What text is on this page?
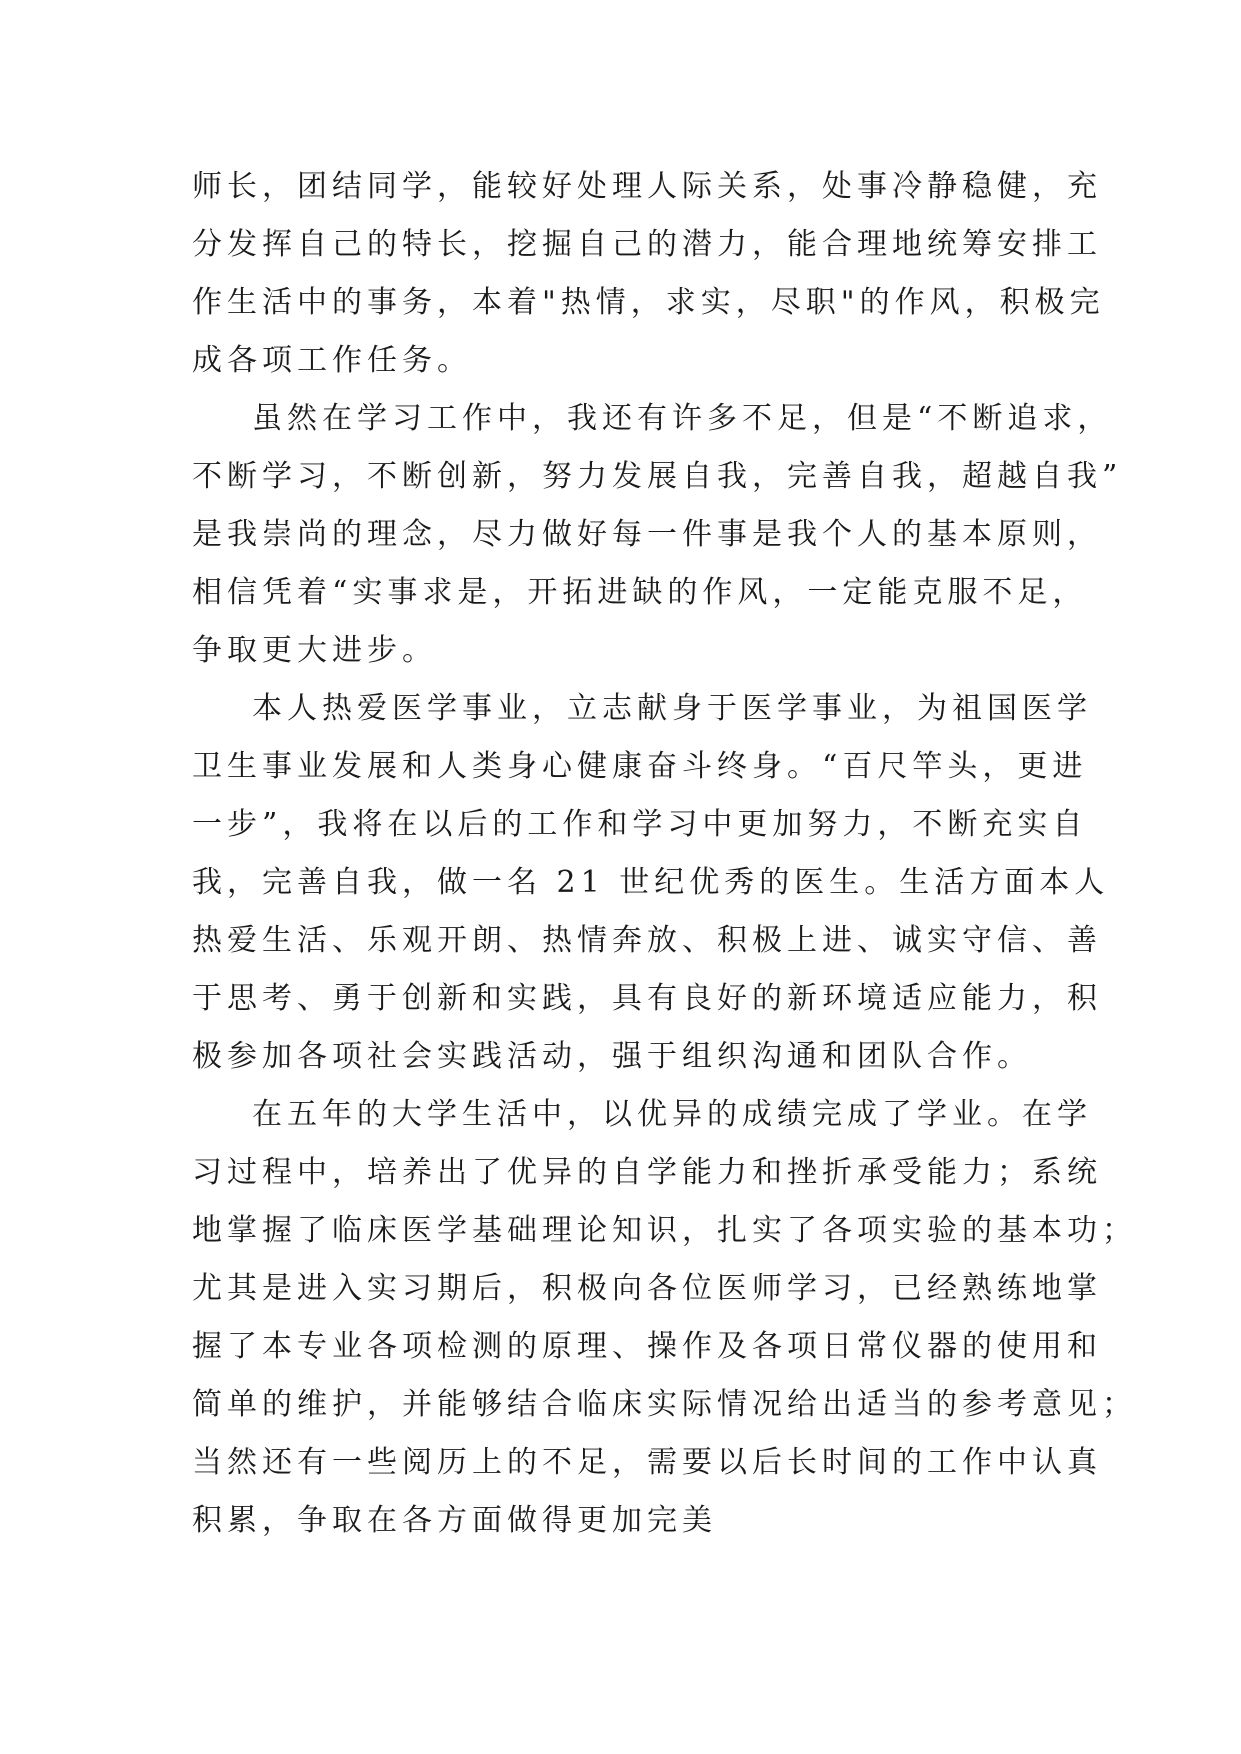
师长，团结同学，能较好处理人际关系，处事冷静稳健，充
分发挥自己的特长，挖掘自己的潜力，能合理地统筹安排工
作生活中的事务，本着"热情，求实，尽职"的作风，积极完
成各项工作任务。
虽然在学习工作中，我还有许多不足，但是“不断追求，
不断学习，不断创新，努力发展自我，完善自我，超越自我”
是我崇尚的理念，尽力做好每一件事是我个人的基本原则，
相信凭着“实事求是，开拓进缺的作风，一定能克服不足，
争取更大进步。
本人热爱医学事业，立志献身于医学事业，为祖国医学
卫生事业发展和人类身心健康奋斗终身。“百尺竿头，更进
一步”，我将在以后的工作和学习中更加努力，不断充实自
我，完善自我，做一名 21 世纪优秀的医生。生活方面本人
热爱生活、乐观开朗、热情奔放、积极上进、诚实守信、善
于思考、勇于创新和实践，具有良好的新环境适应能力，积
极参加各项社会实践活动，强于组织沟通和团队合作。
在五年的大学生活中，以优异的成绩完成了学业。在学
习过程中，培养出了优异的自学能力和挫折承受能力；系统
地掌握了临床医学基础理论知识，扎实了各项实验的基本功；
尤其是进入实习期后，积极向各位医师学习，已经熟练地掌
握了本专业各项检测的原理、操作及各项日常仪器的使用和
简单的维护，并能够结合临床实际情况给出适当的参考意见；
当然还有一些阅历上的不足，需要以后长时间的工作中认真
积累，争取在各方面做得更加完美
